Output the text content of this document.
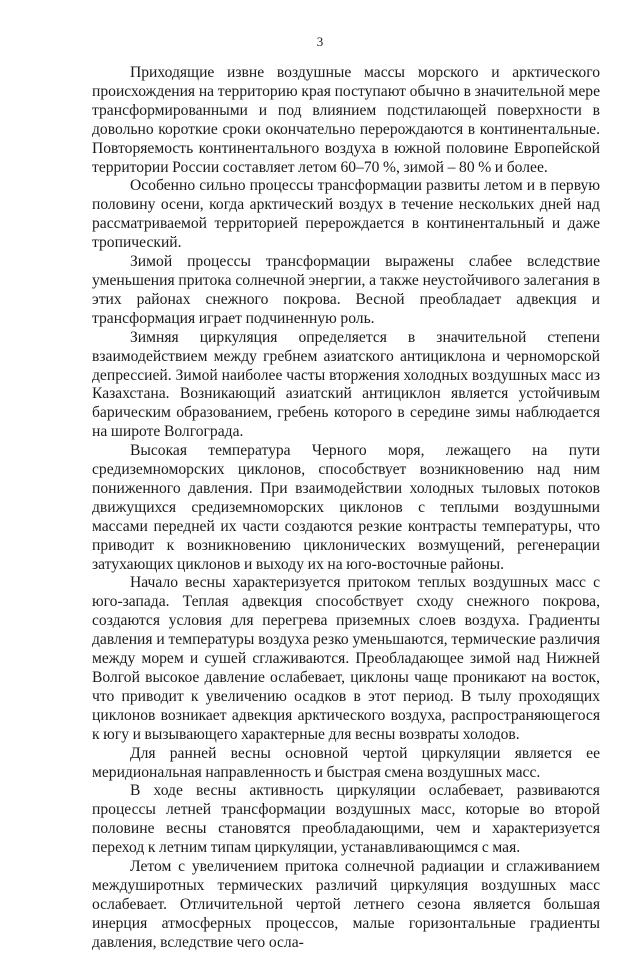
3

Приходящие извне воздушные массы морского и арктического происхождения на территорию края поступают обычно в значительной мере трансформированными и под влиянием подстилающей поверхности в довольно короткие сроки окончательно перерождаются в континентальные. Повторяемость континентального воздуха в южной половине Европейской территории России составляет летом 60–70 %, зимой – 80 % и более.

Особенно сильно процессы трансформации развиты летом и в первую половину осени, когда арктический воздух в течение нескольких дней над рассматриваемой территорией перерождается в континентальный и даже тропический.

Зимой процессы трансформации выражены слабее вследствие уменьшения притока солнечной энергии, а также неустойчивого залегания в этих районах снежного покрова. Весной преобладает адвекция и трансформация играет подчиненную роль.

Зимняя циркуляция определяется в значительной степени взаимодействием между гребнем азиатского антициклона и черноморской депрессией. Зимой наиболее часты вторжения холодных воздушных масс из Казахстана. Возникающий азиатский антициклон является устойчивым барическим образованием, гребень которого в середине зимы наблюдается на широте Волгограда.

Высокая температура Черного моря, лежащего на пути средиземноморских циклонов, способствует возникновению над ним пониженного давления. При взаимодействии холодных тыловых потоков движущихся средиземноморских циклонов с теплыми воздушными массами передней их части создаются резкие контрасты температуры, что приводит к возникновению циклонических возмущений, регенерации затухающих циклонов и выходу их на юго-восточные районы.

Начало весны характеризуется притоком теплых воздушных масс с юго-запада. Теплая адвекция способствует сходу снежного покрова, создаются условия для перегрева приземных слоев воздуха. Градиенты давления и температуры воздуха резко уменьшаются, термические различия между морем и сушей сглаживаются. Преобладающее зимой над Нижней Волгой высокое давление ослабевает, циклоны чаще проникают на восток, что приводит к увеличению осадков в этот период. В тылу проходящих циклонов возникает адвекция арктического воздуха, распространяющегося к югу и вызывающего характерные для весны возвраты холодов.

Для ранней весны основной чертой циркуляции является ее меридиональная направленность и быстрая смена воздушных масс.

В ходе весны активность циркуляции ослабевает, развиваются процессы летней трансформации воздушных масс, которые во второй половине весны становятся преобладающими, чем и характеризуется переход к летним типам циркуляции, устанавливающимся с мая.

Летом с увеличением притока солнечной радиации и сглаживанием междуширотных термических различий циркуляция воздушных масс ослабевает. Отличительной чертой летнего сезона является большая инерция атмосферных процессов, малые горизонтальные градиенты давления, вследствие чего осла-
